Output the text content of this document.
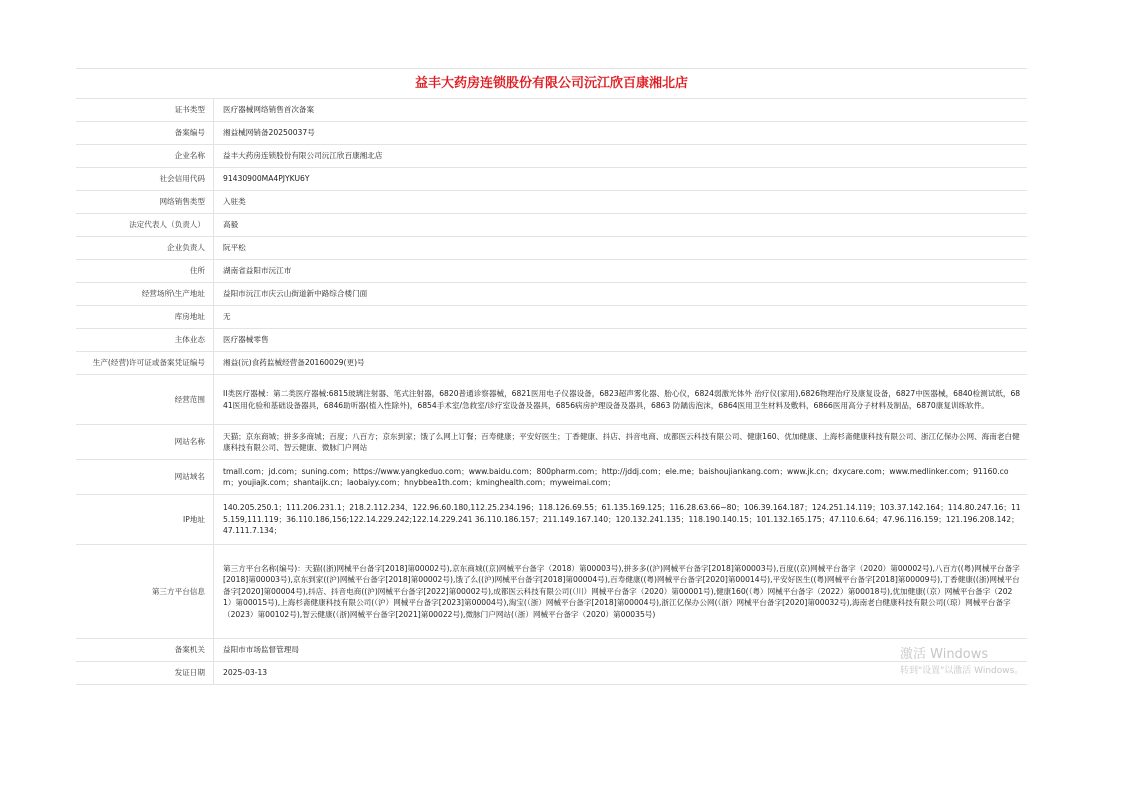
益丰大药房连锁股份有限公司沅江欣百康湘北店
证书类型	医疗器械网络销售首次备案
备案编号	湘益械网销备20250037号
企业名称	益丰大药房连锁股份有限公司沅江欣百康湘北店
社会信用代码	91430900MA4PJYKU6Y
网络销售类型	入驻类
法定代表人（负责人）	高毅
企业负责人	阮平松
住所	湖南省益阳市沅江市
经营场所\生产地址	益阳市沅江市庆云山街道新中路综合楼门面
库房地址	无
主体业态	医疗器械零售
生产(经营)许可证或备案凭证编号	湘益(沅)食药监械经营备20160029(更)号
经营范围	II类医疗器械：第二类医疗器械:6815玻璃注射器、笔式注射器，6820普通诊察器械，6821医用电子仪器设备，6823超声雾化器、胎心仪，6824弱激光体外 治疗仪(家用),6826物理治疗及康复设备，6827中医器械，6840检测试纸，6841医用化验和基础设备器具，6846助听器(植入性除外)，6854手术室/急救室/诊疗室设备及器具，6856病房护理设备及器具，6863 防龋齿泡沫，6864医用卫生材料及敷料，6866医用高分子材料及制品，6870康复训练软件。
网站名称	天猫；京东商城；拼多多商城；百度；八百方；京东到家；饿了么网上订餐；百寿健康；平安好医生；丁香健康、抖店、抖音电商、成都医云科技有限公司、健康160、优加健康、上海杉斋健康科技有限公司、浙江亿保办公网、海南老白健康科技有限公司、智云健康、微脉门户网站
网站域名	tmall.com；jd.com；suning.com；https://www.yangkeduo.com；www.baidu.com；800pharm.com；http://jddj.com；ele.me；baishoujiankang.com；www.jk.cn；dxycare.com；www.medlinker.com；91160.com；youjiajk.com；shantaijk.cn；laobaiyy.com；hnybbea1th.com；kminghealth.com；myweimai.com；
IP地址	140.205.250.1；111.206.231.1；218.2.112.234、122.96.60.180,112.25.234.196；118.126.69.55；61.135.169.125；116.28.63.66~80；106.39.164.187；124.251.14.119；103.37.142.164；114.80.247.16；115.159,111.119；36.110.186,156;122.14.229.242;122.14.229.241 36.110.186.157；211.149.167.140；120.132.241.135；118.190.140.15；101.132.165.175；47.110.6.64；47.96.116.159；121.196.208.142；47.111.7.134；
第三方平台信息	第三方平台名称(编号)：天猫((浙)网械平台备字[2018]第00002号),京东商城((京)网械平台备字（2018）第00003号),拼多多((沪)网械平台备字[2018]第00003号),百度((京)网械平台备字（2020）第00002号),八百方((粤)网械平台备字[2018]第00003号),京东到家((沪)网械平台备字[2018]第00002号),饿了么((沪)网械平台备字[2018]第00004号),百寿健康((粤)网械平台备字[2020]第00014号),平安好医生((粤)网械平台备字[2018]第00009号),丁香健康((浙)网械平台备字[2020]第00004号),抖店、抖音电商((沪)网械平台备字[2022]第00002号),成都医云科技有限公司(（川）网械平台备字（2020）第00001号),健康160(（粤）网械平台备字（2022）第00018号),优加健康(（京）网械平台备字（2021）第00015号),上海杉斋健康科技有限公司(（沪）网械平台备字[2023]第00004号),淘宝(（浙）网械平台备字[2018]第00004号),浙江亿保办公网(（浙）网械平台备字[2020]第00032号),海南老白健康科技有限公司(（琼）网械平台备字（2023）第00102号),智云健康(（浙)网械平台备字[2021]第00022号),微脉门户网站(（浙）网械平台备字（2020）第00035号)
备案机关	益阳市市场监督管理局
发证日期	2025-03-13
激活 Windows
转到"设置"以激活 Windows。
